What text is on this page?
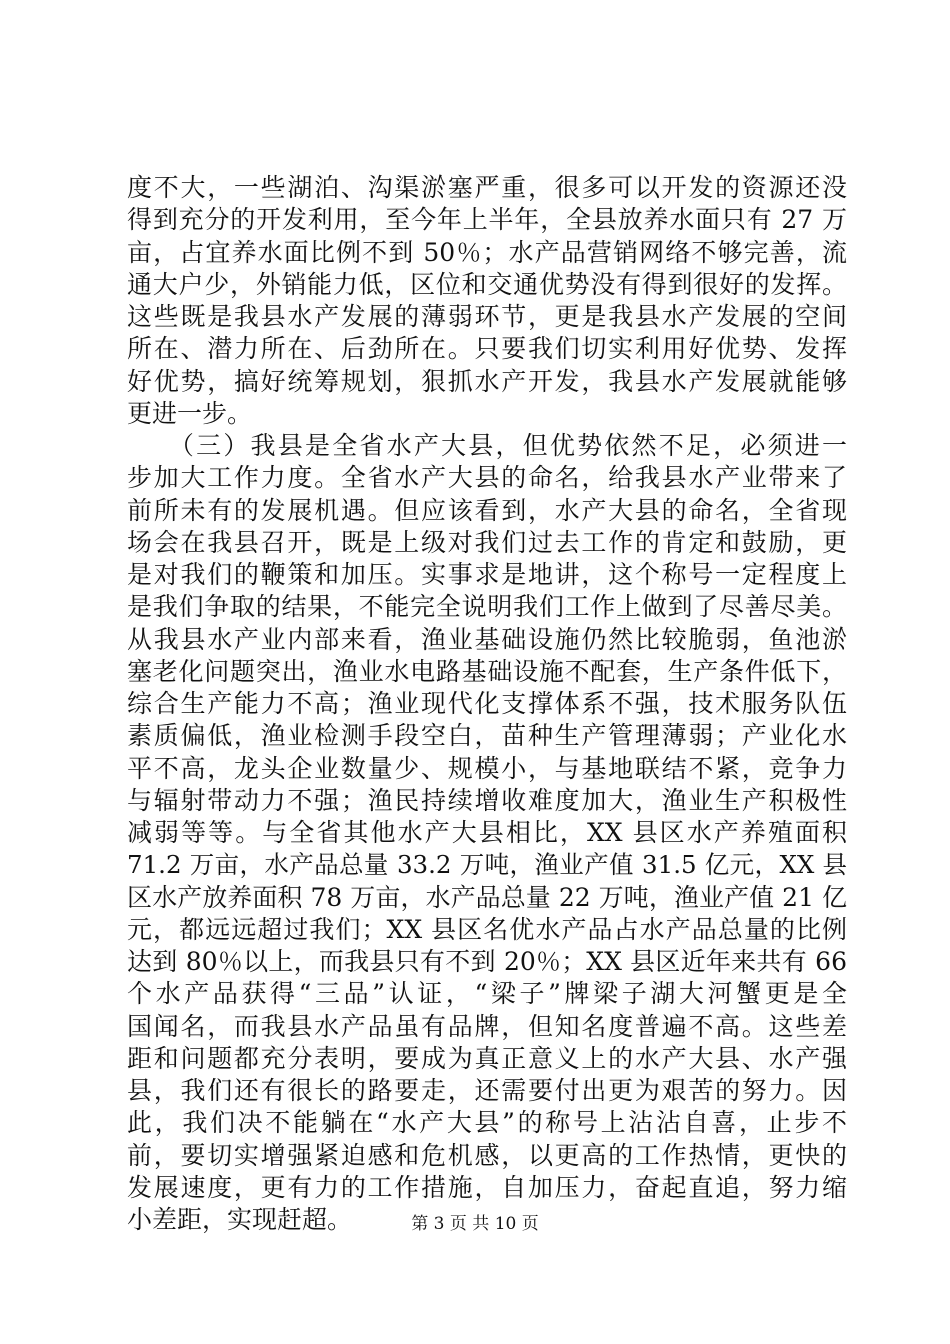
度不大，一些湖泊、沟渠淤塞严重，很多可以开发的资源还没
得到充分的开发利用，至今年上半年，全县放养水面只有 27 万
亩，占宜养水面比例不到 50％；水产品营销网络不够完善，流
通大户少，外销能力低，区位和交通优势没有得到很好的发挥。
这些既是我县水产发展的薄弱环节，更是我县水产发展的空间
所在、潜力所在、后劲所在。只要我们切实利用好优势、发挥
好优势，搞好统筹规划，狠抓水产开发，我县水产发展就能够
更进一步。
　　（三）我县是全省水产大县，但优势依然不足，必须进一
步加大工作力度。全省水产大县的命名，给我县水产业带来了
前所未有的发展机遇。但应该看到，水产大县的命名，全省现
场会在我县召开，既是上级对我们过去工作的肯定和鼓励，更
是对我们的鞭策和加压。实事求是地讲，这个称号一定程度上
是我们争取的结果，不能完全说明我们工作上做到了尽善尽美。
从我县水产业内部来看，渔业基础设施仍然比较脆弱，鱼池淤
塞老化问题突出，渔业水电路基础设施不配套，生产条件低下，
综合生产能力不高；渔业现代化支撑体系不强，技术服务队伍
素质偏低，渔业检测手段空白，苗种生产管理薄弱；产业化水
平不高，龙头企业数量少、规模小，与基地联结不紧，竞争力
与辐射带动力不强；渔民持续增收难度加大，渔业生产积极性
减弱等等。与全省其他水产大县相比，XX 县区水产养殖面积
71.2 万亩，水产品总量 33.2 万吨，渔业产值 31.5 亿元，XX 县
区水产放养面积 78 万亩，水产品总量 22 万吨，渔业产值 21 亿
元，都远远超过我们；XX 县区名优水产品占水产品总量的比例
达到 80％以上，而我县只有不到 20％；XX 县区近年来共有 66
个水产品获得“三品”认证，“梁子”牌梁子湖大河蟹更是全
国闻名，而我县水产品虽有品牌，但知名度普遍不高。这些差
距和问题都充分表明，要成为真正意义上的水产大县、水产强
县，我们还有很长的路要走，还需要付出更为艰苦的努力。因
此，我们决不能躺在“水产大县”的称号上沾沾自喜，止步不
前，要切实增强紧迫感和危机感，以更高的工作热情，更快的
发展速度，更有力的工作措施，自加压力，奋起直追，努力缩
小差距，实现赶超。	第 3 页 共 10 页
